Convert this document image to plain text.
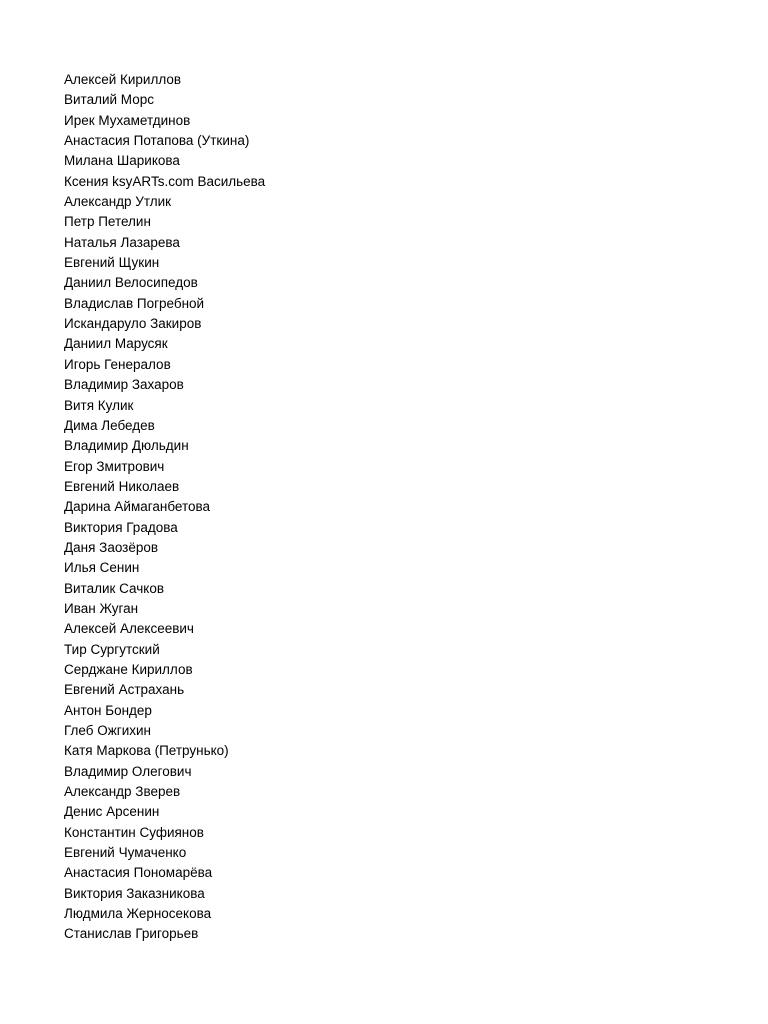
Алексей Кириллов
Виталий Морс
Ирек Мухаметдинов
Анастасия Потапова (Уткина)
Милана Шарикова
Ксения ksyARTs.com Васильева
Александр Утлик
Петр Петелин
Наталья Лазарева
Евгений Щукин
Даниил Велосипедов
Владислав Погребной
Искандаруло Закиров
Даниил Марусяк
Игорь Генералов
Владимир Захаров
Витя Кулик
Дима Лебедев
Владимир Дюльдин
Егор Змитрович
Евгений Николаев
Дарина Аймаганбетова
Виктория Градова
Даня Заозёров
Илья Сенин
Виталик Сачков
Иван Жуган
Алексей Алексеевич
Тир Сургутский
Серджане Кириллов
Евгений Астрахань
Антон Бондер
Глеб Ожгихин
Катя Маркова (Петрунько)
Владимир Олегович
Александр Зверев
Денис Арсенин
Константин Суфиянов
Евгений Чумаченко
Анастасия Пономарёва
Виктория Заказникова
Людмила Жерносекова
Станислав Григорьев
